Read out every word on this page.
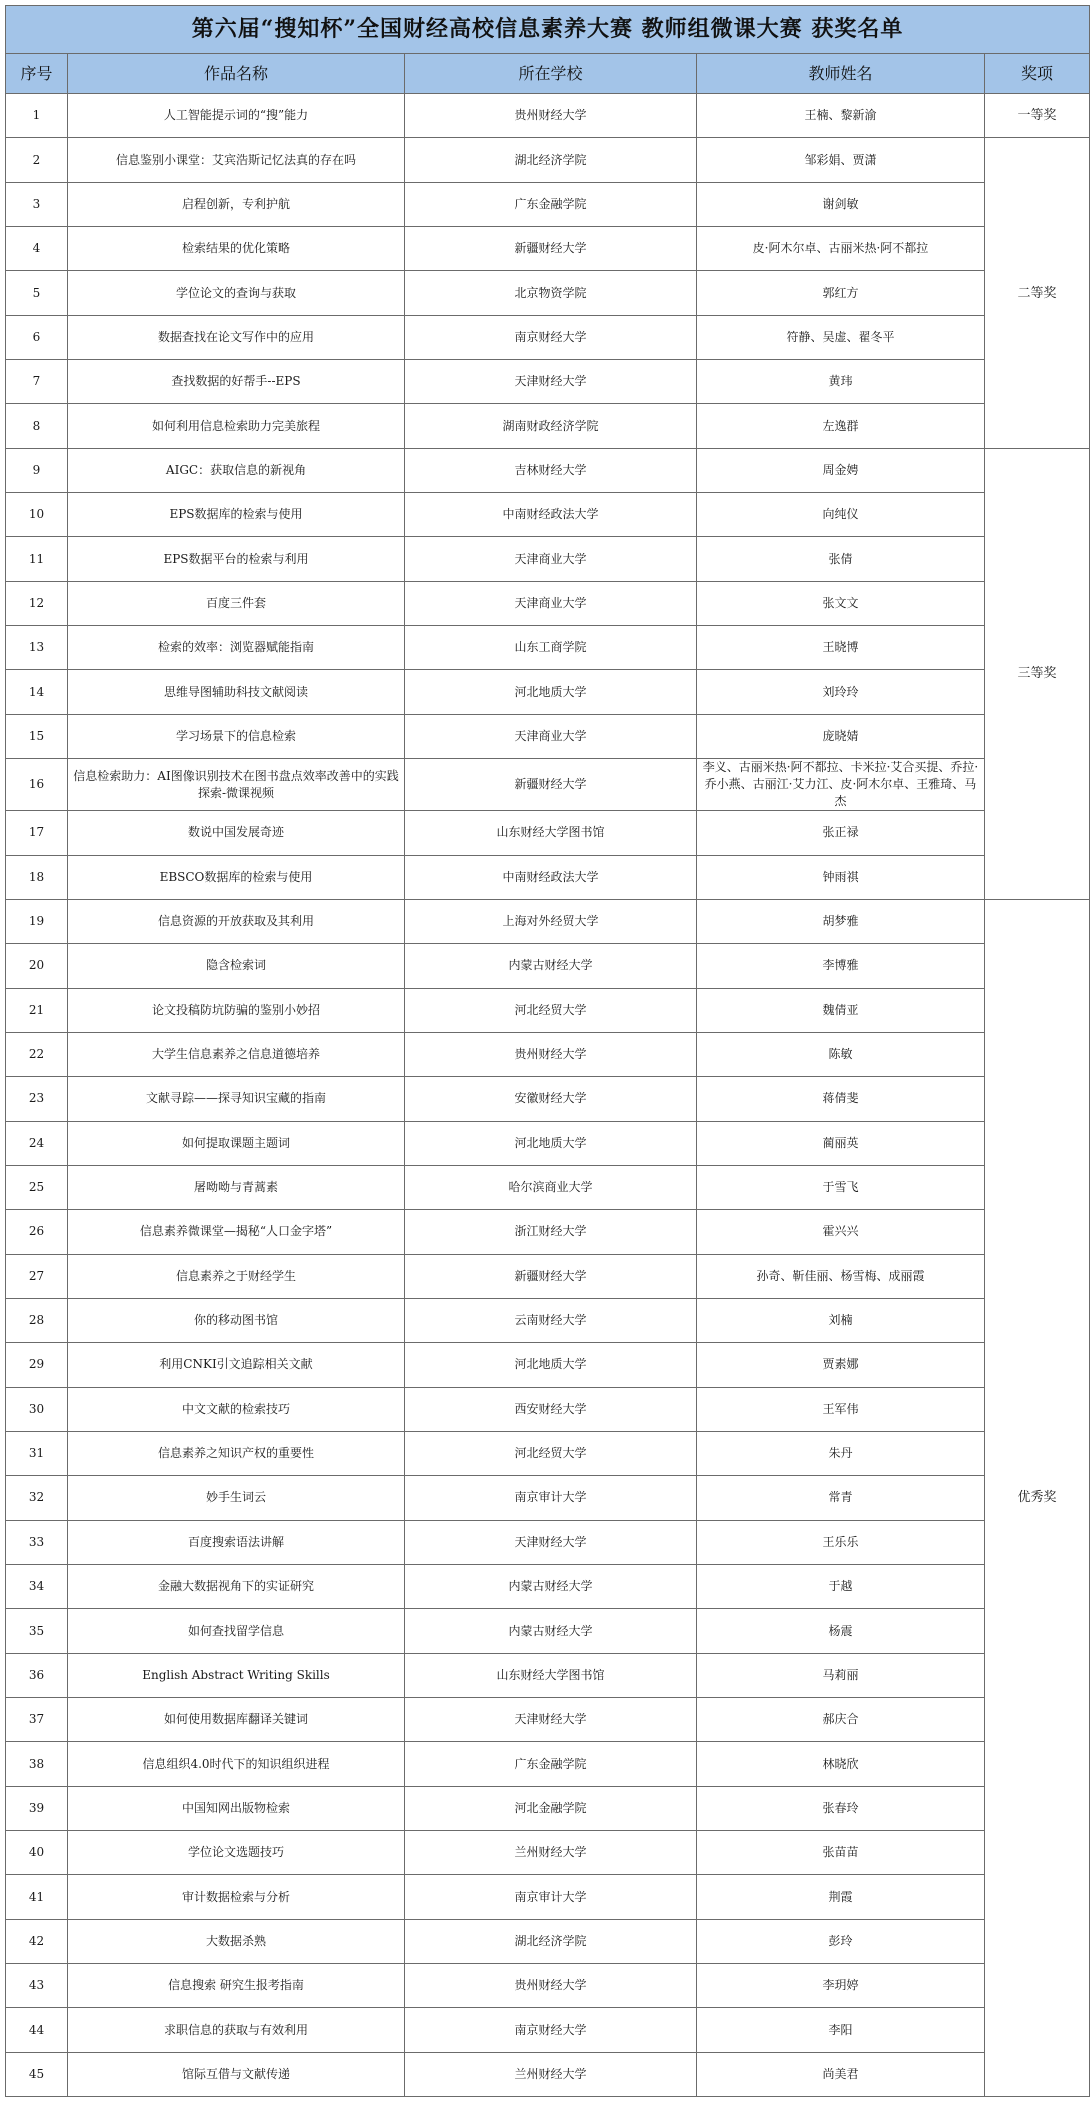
第六届“搜知杯”全国财经高校信息素养大赛 教师组微课大赛 获奖名单				
序号	作品名称	所在学校	教师姓名	奖项
1	人工智能提示词的“搜”能力	贵州财经大学	王楠、黎新渝	一等奖
2	信息鉴别小课堂：艾宾浩斯记忆法真的存在吗	湖北经济学院	邹彩娟、贾潇	二等奖
3	启程创新，专利护航	广东金融学院	谢剑敏	
4	检索结果的优化策略	新疆财经大学	皮·阿木尔卓、古丽米热·阿不都拉	
5	学位论文的查询与获取	北京物资学院	郭红方	
6	数据查找在论文写作中的应用	南京财经大学	符静、吴虚、翟冬平	
7	查找数据的好帮手--EPS	天津财经大学	黄玮	
8	如何利用信息检索助力完美旅程	湖南财政经济学院	左逸群	
9	AIGC：获取信息的新视角	吉林财经大学	周金娉	三等奖
10	EPS数据库的检索与使用	中南财经政法大学	向纯仪	
11	EPS数据平台的检索与利用	天津商业大学	张倩	
12	百度三件套	天津商业大学	张文文	
13	检索的效率：浏览器赋能指南	山东工商学院	王晓博	
14	思维导图辅助科技文献阅读	河北地质大学	刘玲玲	
15	学习场景下的信息检索	天津商业大学	庞晓婧	
16	信息检索助力：AI图像识别技术在图书盘点效率改善中的实践探索-微课视频	新疆财经大学	李义、古丽米热·阿不都拉、卡米拉·艾合买提、乔拉·乔小燕、古丽江·艾力江、皮·阿木尔卓、王雅琦、马杰	
17	数说中国发展奇迹	山东财经大学图书馆	张正禄	
18	EBSCO数据库的检索与使用	中南财经政法大学	钟雨祺	
19	信息资源的开放获取及其利用	上海对外经贸大学	胡梦雅	优秀奖
20	隐含检索词	内蒙古财经大学	李博雅	
21	论文投稿防坑防骗的鉴别小妙招	河北经贸大学	魏倩亚	
22	大学生信息素养之信息道德培养	贵州财经大学	陈敏	
23	文献寻踪——探寻知识宝藏的指南	安徽财经大学	蒋倩斐	
24	如何提取课题主题词	河北地质大学	蔺丽英	
25	屠呦呦与青蒿素	哈尔滨商业大学	于雪飞	
26	信息素养微课堂—揭秘“人口金字塔”	浙江财经大学	霍兴兴	
27	信息素养之于财经学生	新疆财经大学	孙奇、靳佳丽、杨雪梅、成丽霞	
28	你的移动图书馆	云南财经大学	刘楠	
29	利用CNKI引文追踪相关文献	河北地质大学	贾素娜	
30	中文文献的检索技巧	西安财经大学	王军伟	
31	信息素养之知识产权的重要性	河北经贸大学	朱丹	
32	妙手生词云	南京审计大学	常青	
33	百度搜索语法讲解	天津财经大学	王乐乐	
34	金融大数据视角下的实证研究	内蒙古财经大学	于越	
35	如何查找留学信息	内蒙古财经大学	杨震	
36	English Abstract Writing Skills	山东财经大学图书馆	马莉丽	
37	如何使用数据库翻译关键词	天津财经大学	郝庆合	
38	信息组织4.0时代下的知识组织进程	广东金融学院	林晓欣	
39	中国知网出版物检索	河北金融学院	张春玲	
40	学位论文选题技巧	兰州财经大学	张苗苗	
41	审计数据检索与分析	南京审计大学	荆霞	
42	大数据杀熟	湖北经济学院	彭玲	
43	信息搜索 研究生报考指南	贵州财经大学	李玥婷	
44	求职信息的获取与有效利用	南京财经大学	李阳	
45	馆际互借与文献传递	兰州财经大学	尚美君	
